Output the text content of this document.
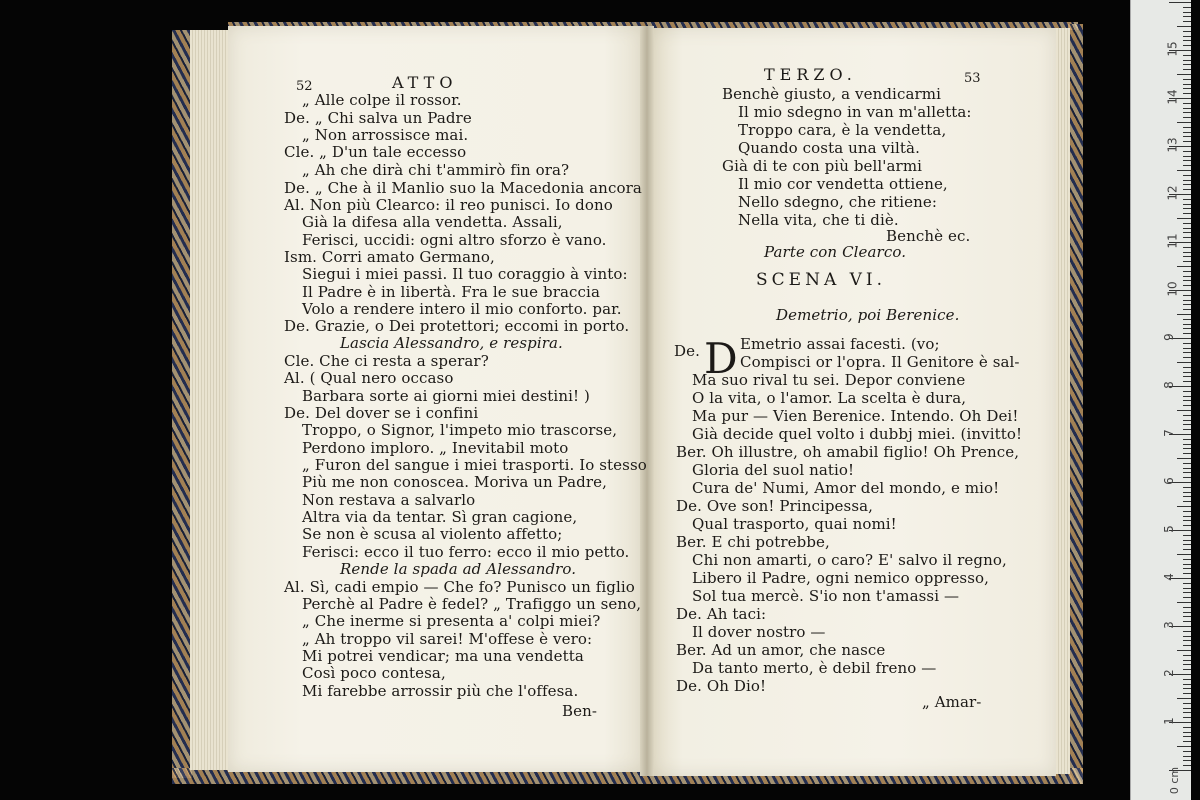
52	ATTO
„ Alle colpe il rossor.
De. „ Chi salva un Padre
„ Non arrossisce mai.
Cle. „ D'un tale eccesso
„ Ah che dirà chi t'ammirò fin ora?
De. „ Che à il Manlio suo la Macedonia ancora
Al. Non più Clearco: il reo punisci. Io dono
Già la difesa alla vendetta. Assali,
Ferisci, uccidi: ogni altro sforzo è vano.
Ism. Corri amato Germano,
Siegui i miei passi. Il tuo coraggio à vinto:
Il Padre è in libertà. Fra le sue braccia
Volo a rendere intero il mio conforto. par.
De. Grazie, o Dei protettori; eccomi in porto.
Lascia Alessandro, e respira.
Cle. Che ci resta a sperar?
Al. ( Qual nero occaso
Barbara sorte ai giorni miei destini! )
De. Del dover se i confini
Troppo, o Signor, l'impeto mio trascorse,
Perdono imploro. „ Inevitabil moto
„ Furon del sangue i miei trasporti. Io stesso
Più me non conoscea. Moriva un Padre,
Non restava a salvarlo
Altra via da tentar. Sì gran cagione,
Se non è scusa al violento affetto;
Ferisci: ecco il tuo ferro: ecco il mio petto.
Rende la spada ad Alessandro.
Al. Sì, cadi empio — Che fo? Punisco un figlio
Perchè al Padre è fedel? „ Trafiggo un seno,
„ Che inerme si presenta a' colpi miei?
„ Ah troppo vil sarei! M'offese è vero:
Mi potrei vendicar; ma una vendetta
Così poco contesa,
Mi farebbe arrossir più che l'offesa.
Ben-
TERZO.	53
Benchè giusto, a vendicarmi
Il mio sdegno in van m'alletta:
Troppo cara, è la vendetta,
Quando costa una viltà.
Già di te con più bell'armi
Il mio cor vendetta ottiene,
Nello sdegno, che ritiene:
Nella vita, che ti diè.
Benchè ec.
Parte con Clearco.
SCENA VI.
Demetrio, poi Berenice.
De. D Emetrio assai facesti. (vo;
Compisci or l'opra. Il Genitore è sal-
Ma suo rival tu sei. Depor conviene
O la vita, o l'amor. La scelta è dura,
Ma pur — Vien Berenice. Intendo. Oh Dei!
Già decide quel volto i dubbj miei. (invitto!
Ber. Oh illustre, oh amabil figlio! Oh Prence,
Gloria del suol natio!
Cura de' Numi, Amor del mondo, e mio!
De. Ove son! Principessa,
Qual trasporto, quai nomi!
Ber. E chi potrebbe,
Chi non amarti, o caro? E' salvo il regno,
Libero il Padre, ogni nemico oppresso,
Sol tua mercè. S'io non t'amassi —
De. Ah taci:
Il dover nostro —
Ber. Ad un amor, che nasce
Da tanto merto, è debil freno —
De. Oh Dio!
„ Amar-
1
2
3
4
5
6
7
8
9
10
11
12
13
14
15
0 cm
